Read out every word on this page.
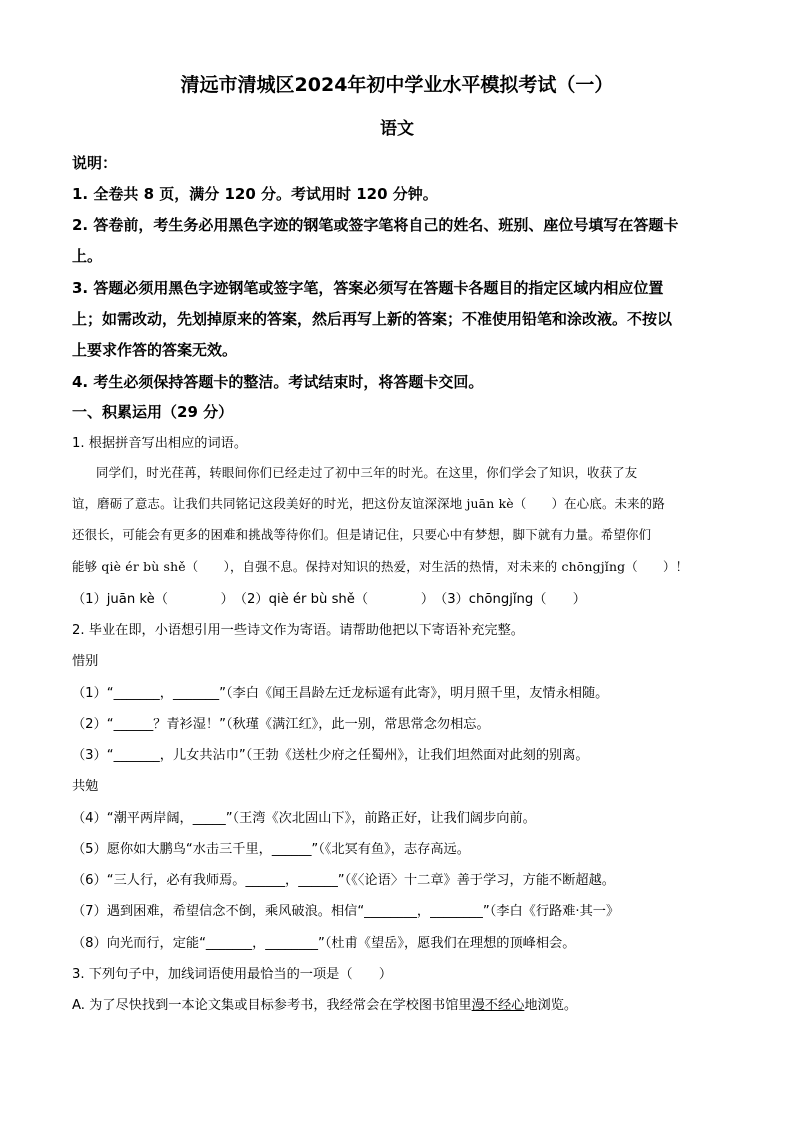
清远市清城区2024年初中学业水平模拟考试（一）
语文
说明：
1. 全卷共 8 页，满分 120 分。考试用时 120 分钟。
2. 答卷前，考生务必用黑色字迹的钢笔或签字笔将自己的姓名、班别、座位号填写在答题卡
上。
3. 答题必须用黑色字迹钢笔或签字笔，答案必须写在答题卡各题目的指定区域内相应位置
上；如需改动，先划掉原来的答案，然后再写上新的答案；不准使用铅笔和涂改液。不按以
上要求作答的答案无效。
4. 考生必须保持答题卡的整洁。考试结束时，将答题卡交回。
一、积累运用（29 分）
1. 根据拼音写出相应的词语。
同学们，时光荏苒，转眼间你们已经走过了初中三年的时光。在这里，你们学会了知识，收获了友
谊，磨砺了意志。让我们共同铭记这段美好的时光，把这份友谊深深地 juān kè（　　）在心底。未来的路
还很长，可能会有更多的困难和挑战等待你们。但是请记住，只要心中有梦想，脚下就有力量。希望你们
能够 qiè ér bù shě（　　），自强不息。保持对知识的热爱，对生活的热情，对未来的 chōngjǐng（　　）！
（1）juān kè（　　　　）　（2）qiè ér bù shě（　　　　）　（3）chōngjǐng（　　）
2. 毕业在即，小语想引用一些诗文作为寄语。请帮助他把以下寄语补充完整。
惜别
（1）“_______，_______”（李白《闻王昌龄左迁龙标遥有此寄》，明月照千里，友情永相随。
（2）“______？青衫湿！”（秋瑾《满江红》，此一别，常思常念勿相忘。
（3）“_______，儿女共沾巾”（王勃《送杜少府之任蜀州》，让我们坦然面对此刻的别离。
共勉
（4）“潮平两岸阔，_____”（王湾《次北固山下》，前路正好，让我们阔步向前。
（5）愿你如大鹏鸟“水击三千里，______”（《北冥有鱼》，志存高远。
（6）“三人行，必有我师焉。______，______”（《〈论语〉十二章》善于学习，方能不断超越。
（7）遇到困难，希望信念不倒，乘风破浪。相信“________，________”（李白《行路难·其一》
（8）向光而行，定能“_______，________”（杜甫《望岳》，愿我们在理想的顶峰相会。
3. 下列句子中，加线词语使用最恰当的一项是（　　）
A. 为了尽快找到一本论文集或目标参考书，我经常会在学校图书馆里漫不经心地浏览。
